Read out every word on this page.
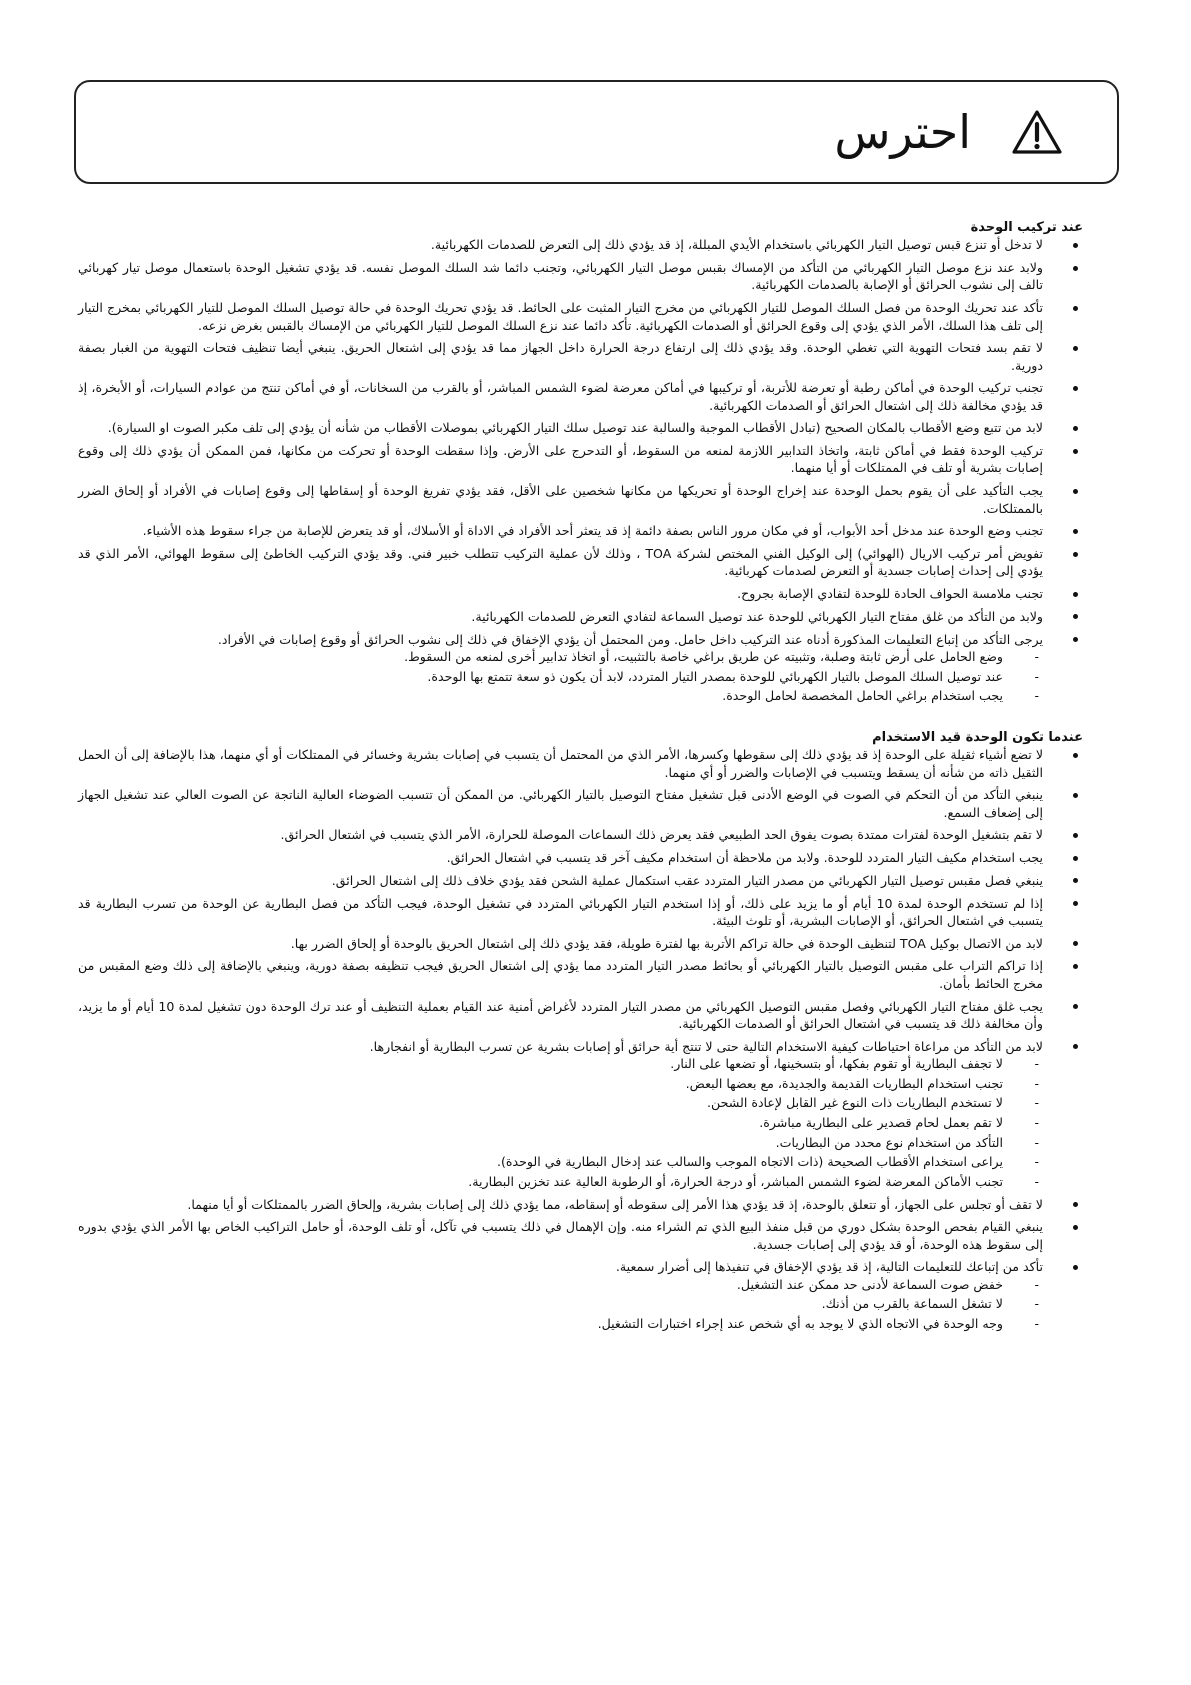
احترس

عند تركيب الوحدة

لا تدخل أو تنزع قبس توصيل التيار الكهربائي باستخدام الأيدي المبللة، إذ قد يؤدي ذلك إلى التعرض للصدمات الكهربائية.
ولابد عند نزع موصل التيار الكهربائي من التأكد من الإمساك بقبس موصل التيار الكهربائي، وتجنب دائما شد السلك الموصل نفسه. قد يؤدي تشغيل الوحدة باستعمال موصل تيار كهربائي تالف إلى نشوب الحرائق أو الإصابة بالصدمات الكهربائية.
تأكد عند تحريك الوحدة من فصل السلك الموصل للتيار الكهربائي من مخرج التيار المثبت على الحائط. قد يؤدي تحريك الوحدة في حالة توصيل السلك الموصل للتيار الكهربائي بمخرج التيار إلى تلف هذا السلك، الأمر الذي يؤدي إلى وقوع الحرائق أو الصدمات الكهربائية. تأكد دائما عند نزع السلك الموصل للتيار الكهربائي من الإمساك بالقبس بغرض نزعه.
لا تقم بسد فتحات التهوية التي تغطي الوحدة. وقد يؤدي ذلك إلى ارتفاع درجة الحرارة داخل الجهاز مما قد يؤدي إلى اشتعال الحريق. ينبغي أيضا تنظيف فتحات التهوية من الغبار بصفة دورية.
تجنب تركيب الوحدة في أماكن رطبة أو تعرضة للأتربة، أو تركيبها في أماكن معرضة لضوء الشمس المباشر، أو بالقرب من السخانات، أو في أماكن تنتج من عوادم السيارات، أو الأبخرة، إذ قد يؤدي مخالفة ذلك إلى اشتعال الحرائق أو الصدمات الكهربائية.
لابد من تتبع وضع الأقطاب بالمكان الصحيح (تبادل الأقطاب الموجبة والسالبة عند توصيل سلك التيار الكهربائي بموصلات الأقطاب من شأنه أن يؤدي إلى تلف مكبر الصوت او السيارة).
تركيب الوحدة فقط في أماكن ثابتة، واتخاذ التدابير اللازمة لمنعه من السقوط، أو التدحرج على الأرض. وإذا سقطت الوحدة أو تحركت من مكانها، فمن الممكن أن يؤدي ذلك إلى وقوع إصابات بشرية أو تلف في الممتلكات أو أيا منهما.
يجب التأكيد على أن يقوم بحمل الوحدة عند إخراج الوحدة أو تحريكها من مكانها شخصين على الأقل، فقد يؤدي تفريغ الوحدة أو إسقاطها إلى وقوع إصابات في الأفراد أو إلحاق الضرر بالممتلكات.
تجنب وضع الوحدة عند مدخل أحد الأبواب، أو في مكان مرور الناس بصفة دائمة إذ قد يتعثر أحد الأفراد في الاداة أو الأسلاك، أو قد يتعرض للإصابة من جراء سقوط هذه الأشياء.
تفويض أمر تركيب الاريال (الهوائي) إلى الوكيل الفني المختص لشركة TOA ، وذلك لأن عملية التركيب تتطلب خبير فني. وقد يؤدي التركيب الخاطئ إلى سقوط الهوائي، الأمر الذي قد يؤدي إلى إحداث إصابات جسدية أو التعرض لصدمات كهربائية.
تجنب ملامسة الحواف الحادة للوحدة لتفادي الإصابة بجروح.
ولابد من التأكد من غلق مفتاح التيار الكهربائي للوحدة عند توصيل السماعة لتفادي التعرض للصدمات الكهربائية.
يرجى التأكد من إتباع التعليمات المذكورة أدناه عند التركيب داخل حامل. ومن المحتمل أن يؤدي الإخفاق في ذلك إلى نشوب الحرائق أو وقوع إصابات في الأفراد.
- وضع الحامل على أرض ثابتة وصلبة، وتثبيته عن طريق براغي خاصة بالتثبيت، أو اتخاذ تدابير أخرى لمنعه من السقوط.
- عند توصيل السلك الموصل بالتيار الكهربائي للوحدة بمصدر التيار المتردد، لابد أن يكون ذو سعة تتمتع بها الوحدة.
- يجب استخدام براغي الحامل المخصصة لحامل الوحدة.

عندما تكون الوحدة قيد الاستخدام

لا تضع أشياء ثقيلة على الوحدة إذ قد يؤدي ذلك إلى سقوطها وكسرها، الأمر الذي من المحتمل أن يتسبب في إصابات بشرية وخسائر في الممتلكات أو أي منهما، هذا بالإضافة إلى أن الحمل الثقيل ذاته من شأنه أن يسقط ويتسبب في الإصابات والضرر أو أي منهما.
ينبغي التأكد من أن التحكم في الصوت في الوضع الأدنى قبل تشغيل مفتاح التوصيل بالتيار الكهربائي. من الممكن أن تتسبب الضوضاء العالية الناتجة عن الصوت العالي عند تشغيل الجهاز إلى إضعاف السمع.
لا تقم بتشغيل الوحدة لفترات ممتدة بصوت يفوق الحد الطبيعي فقد يعرض ذلك السماعات الموصلة للحرارة، الأمر الذي يتسبب في اشتعال الحرائق.
يجب استخدام مكيف التيار المتردد للوحدة. ولابد من ملاحظة أن استخدام مكيف آخر قد يتسبب في اشتعال الحرائق.
ينبغي فصل مقبس توصيل التيار الكهربائي من مصدر التيار المتردد عقب استكمال عملية الشحن فقد يؤدي خلاف ذلك إلى اشتعال الحرائق.
إذا لم تستخدم الوحدة لمدة 10 أيام أو ما يزيد على ذلك، أو إذا استخدم التيار الكهربائي المتردد في تشغيل الوحدة، فيجب التأكد من فصل البطارية عن الوحدة من تسرب البطارية قد يتسبب في اشتعال الحرائق، أو الإصابات البشرية، أو تلوث البيئة.
لابد من الاتصال بوكيل TOA لتنظيف الوحدة في حالة تراكم الأتربة بها لفترة طويلة، فقد يؤدي ذلك إلى اشتعال الحريق بالوحدة أو إلحاق الضرر بها.
إذا تراكم التراب على مقبس التوصيل بالتيار الكهربائي أو بحائط مصدر التيار المتردد مما يؤدي إلى اشتعال الحريق فيجب تنظيفه بصفة دورية، وينبغي بالإضافة إلى ذلك وضع المقبس من مخرج الحائط بأمان.
يجب غلق مفتاح التيار الكهربائي وفصل مقبس التوصيل الكهربائي من مصدر التيار المتردد لأغراض أمنية عند القيام بعملية التنظيف أو عند ترك الوحدة دون تشغيل لمدة 10 أيام أو ما يزيد، وأن مخالفة ذلك قد يتسبب في اشتعال الحرائق أو الصدمات الكهربائية.
لابد من التأكد من مراعاة احتياطات كيفية الاستخدام التالية حتى لا تنتج أية حرائق أو إصابات بشرية عن تسرب البطارية أو انفجارها.
- لا تجفف البطارية أو تقوم بفكها، أو بتسخينها، أو تضعها على النار.
- تجنب استخدام البطاريات القديمة والجديدة، مع بعضها البعض.
- لا تستخدم البطاريات ذات النوع غير القابل لإعادة الشحن.
- لا تقم بعمل لحام قصدير على البطارية مباشرة.
- التأكد من استخدام نوع محدد من البطاريات.
- يراعى استخدام الأقطاب الصحيحة (ذات الاتجاه الموجب والسالب عند إدخال البطارية في الوحدة).
- تجنب الأماكن المعرضة لضوء الشمس المباشر، أو درجة الحرارة، أو الرطوبة العالية عند تخزين البطارية.
لا تقف أو تجلس على الجهاز، أو تتعلق بالوحدة، إذ قد يؤدي هذا الأمر إلى سقوطه أو إسقاطه، مما يؤدي ذلك إلى إصابات بشرية، وإلحاق الضرر بالممتلكات أو أيا منهما.
ينبغي القيام بفحص الوحدة بشكل دوري من قبل منفذ البيع الذي تم الشراء منه. وإن الإهمال في ذلك يتسبب في تآكل، أو تلف الوحدة، أو حامل التراكيب الخاص بها الأمر الذي يؤدي بدوره إلى سقوط هذه الوحدة، أو قد يؤدي إلى إصابات جسدية.
تأكد من إتباعك للتعليمات التالية، إذ قد يؤدي الإخفاق في تنفيذها إلى أضرار سمعية.
- خفض صوت السماعة لأدنى حد ممكن عند التشغيل.
- لا تشغل السماعة بالقرب من أذنك.
- وجه الوحدة في الاتجاه الذي لا يوجد به أي شخص عند إجراء اختبارات التشغيل.
